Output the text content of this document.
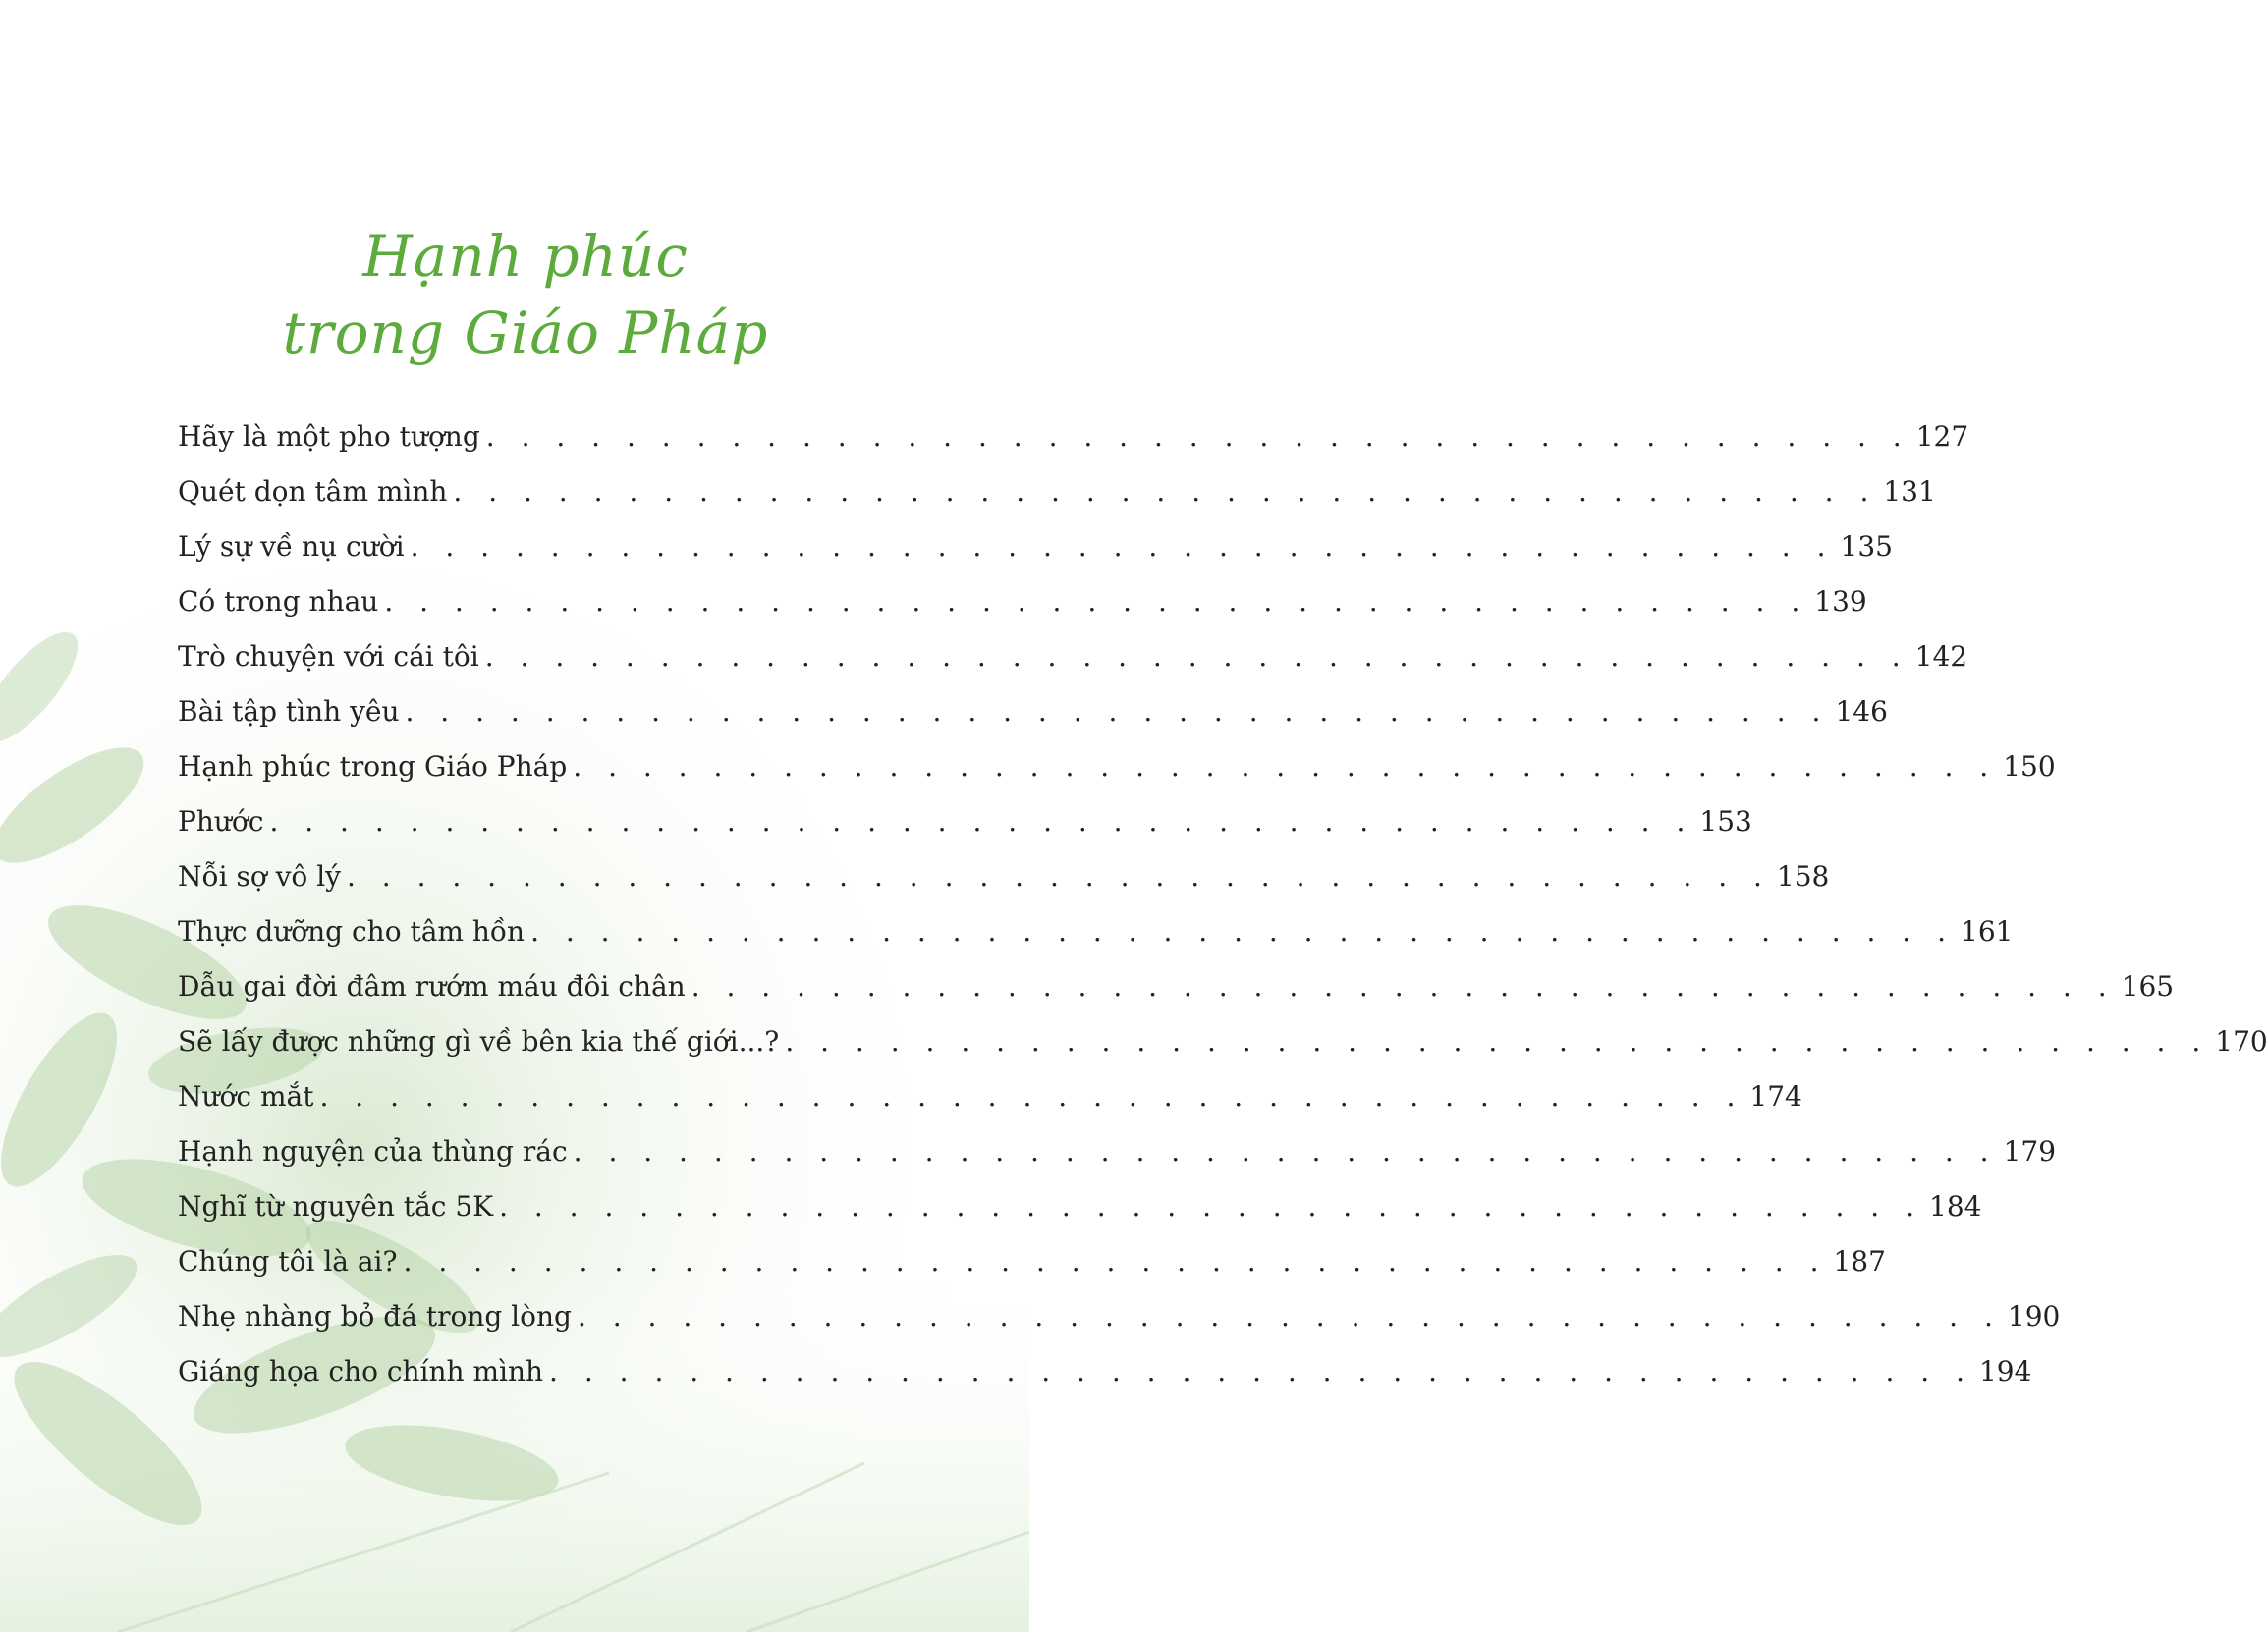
Hạnh phúc
trong Giáo Pháp
Hãy là một pho tượng . . . . . . . . . . . . . . . . . . . . . . . . . . . . . . . . . . . . . . . . . 127
Quét dọn tâm mình . . . . . . . . . . . . . . . . . . . . . . . . . . . . . . . . . . . . . . . . . 131
Lý sự về nụ cười . . . . . . . . . . . . . . . . . . . . . . . . . . . . . . . . . . . . . . . . . 135
Có trong nhau . . . . . . . . . . . . . . . . . . . . . . . . . . . . . . . . . . . . . . . . . 139
Trò chuyện với cái tôi . . . . . . . . . . . . . . . . . . . . . . . . . . . . . . . . . . . . . . . . . 142
Bài tập tình yêu . . . . . . . . . . . . . . . . . . . . . . . . . . . . . . . . . . . . . . . . . 146
Hạnh phúc trong Giáo Pháp . . . . . . . . . . . . . . . . . . . . . . . . . . . . . . . . . . . . . . . . . 150
Phước . . . . . . . . . . . . . . . . . . . . . . . . . . . . . . . . . . . . . . . . . 153
Nỗi sợ vô lý . . . . . . . . . . . . . . . . . . . . . . . . . . . . . . . . . . . . . . . . . 158
Thực dưỡng cho tâm hồn . . . . . . . . . . . . . . . . . . . . . . . . . . . . . . . . . . . . . . . . . 161
Dẫu gai đời đâm rướm máu đôi chân . . . . . . . . . . . . . . . . . . . . . . . . . . . . . . . . . . . . . . . . . 165
Sẽ lấy được những gì về bên kia thế giới...? . . . . . . . . . . . . . . . . . . . . . . . . . . . . . . . . . . . . . . . . . 170
Nước mắt . . . . . . . . . . . . . . . . . . . . . . . . . . . . . . . . . . . . . . . . . 174
Hạnh nguyện của thùng rác . . . . . . . . . . . . . . . . . . . . . . . . . . . . . . . . . . . . . . . . . 179
Nghĩ từ nguyên tắc 5K . . . . . . . . . . . . . . . . . . . . . . . . . . . . . . . . . . . . . . . . . 184
Chúng tôi là ai? . . . . . . . . . . . . . . . . . . . . . . . . . . . . . . . . . . . . . . . . . 187
Nhẹ nhàng bỏ đá trong lòng . . . . . . . . . . . . . . . . . . . . . . . . . . . . . . . . . . . . . . . . . 190
Giáng họa cho chính mình . . . . . . . . . . . . . . . . . . . . . . . . . . . . . . . . . . . . . . . . . 194
